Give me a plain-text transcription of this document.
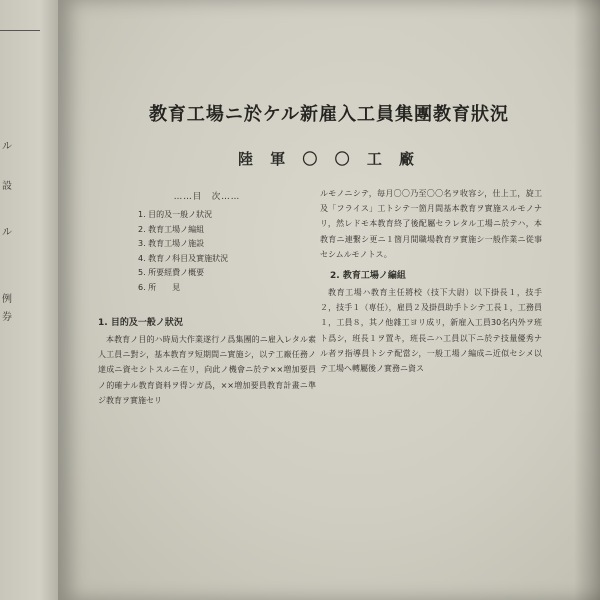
ル
設
ル
例
券
教育工場ニ於ケル新雇入工員集團教育狀況
陸 軍 〇 〇 工 廠
……目　次……
1. 目的及一般ノ狀況
2. 教育工場ノ編組
3. 教育工場ノ施設
4. 教育ノ科目及實施狀況
5. 所要經費ノ概要
6. 所　　見
1. 目的及一般ノ狀況

本教育ノ目的ハ時局大作業遂行ノ爲集團的ニ雇入レタル素人工員ニ對シ，基本教育ヲ短期間ニ實施シ，以テ工廠任務ノ達成ニ資セシトスルニ在リ，向此ノ機會ニ於テ××増加要員ノ的確ナル教育資料ヲ得ンガ爲，××増加要員教育計畫ニ準ジ教育ヲ實施セリ

ルモノニシテ，毎月〇〇乃至〇〇名ヲ收容シ，仕上工，旋工及「フライス」工トシテ一箇月間基本教育ヲ實施スルモノナリ，然レドモ本教育終了後配屬セラレタル工場ニ於テハ，本教育ニ連繫シ更ニ１箇月間職場教育ヲ實施シ一般作業ニ從事セシムルモノトス。

2. 教育工場ノ編組

教育工場ハ教育主任將校（技下大尉）以下掛長１，技手２，技手１（専任），雇員２及掛員助手トシテ工長１，工務員１，工員８，其ノ他雜工ヨリ成リ，新雇入工員30名内外ヲ班ト爲シ，班長１ヲ置キ，班長ニハ工員以下ニ於テ技量優秀ナル者ヲ指導員トシテ配當シ，一般工場ノ編成ニ近似セシメ以テ工場ヘ轉屬後ノ實務ニ資ス
